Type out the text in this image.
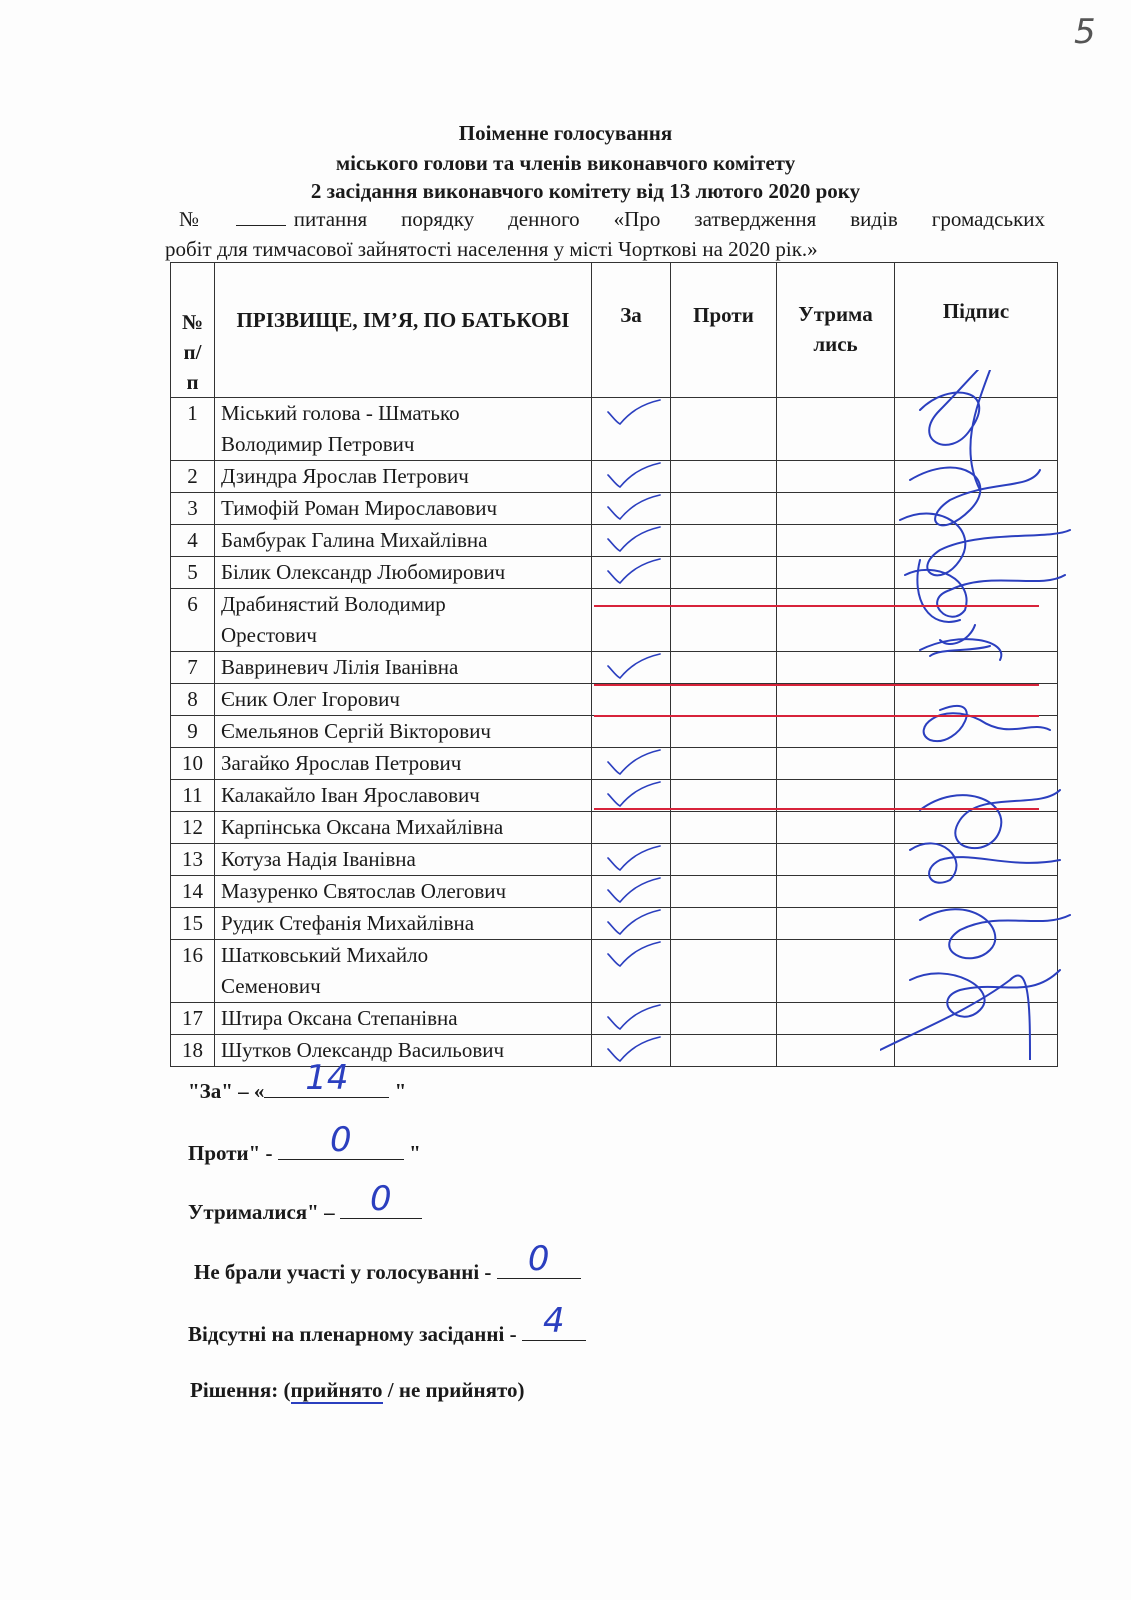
5
Поіменне голосування
міського голови та членів виконавчого комітету
2 засідання виконавчого комітету від 13 лютого 2020 року
№	питання порядку денного «Про затвердження видів громадських
робіт для тимчасової зайнятості населення у місті Чорткові на 2020 рік.»
№ п/ п	ПРІЗВИЩЕ, ІМ’Я, ПО БАТЬКОВІ	За	Проти	Утрима лись	Підпис

1	Міський голова - Шматько
Володимир Петрович

2	Дзиндра Ярослав Петрович

3	Тимофій Роман Мирославович

4	Бамбурак Галина Михайлівна

5	Білик Олександр Любомирович

6	Драбинястий Володимир
Орестович				

7	Вавриневич Лілія Іванівна

8	Єник Олег Ігорович				

9	Ємельянов Сергій Вікторович				

10	Загайко Ярослав Петрович

11	Калакайло Іван Ярославович

12	Карпінська Оксана Михайлівна				

13	Котуза Надія Іванівна

14	Мазуренко Святослав Олегович

15	Рудик Стефанія Михайлівна

16	Шатковський Михайло
Семенович

17	Штира Оксана Степанівна

18	Шутков Олександр Васильович

"За" – «	14	"
Проти" -	0	"
Утрималися" – 0
Не брали участі у голосуванні - 0
Відсутні на пленарному засіданні - 4
Рішення: (прийнято / не прийнято)
